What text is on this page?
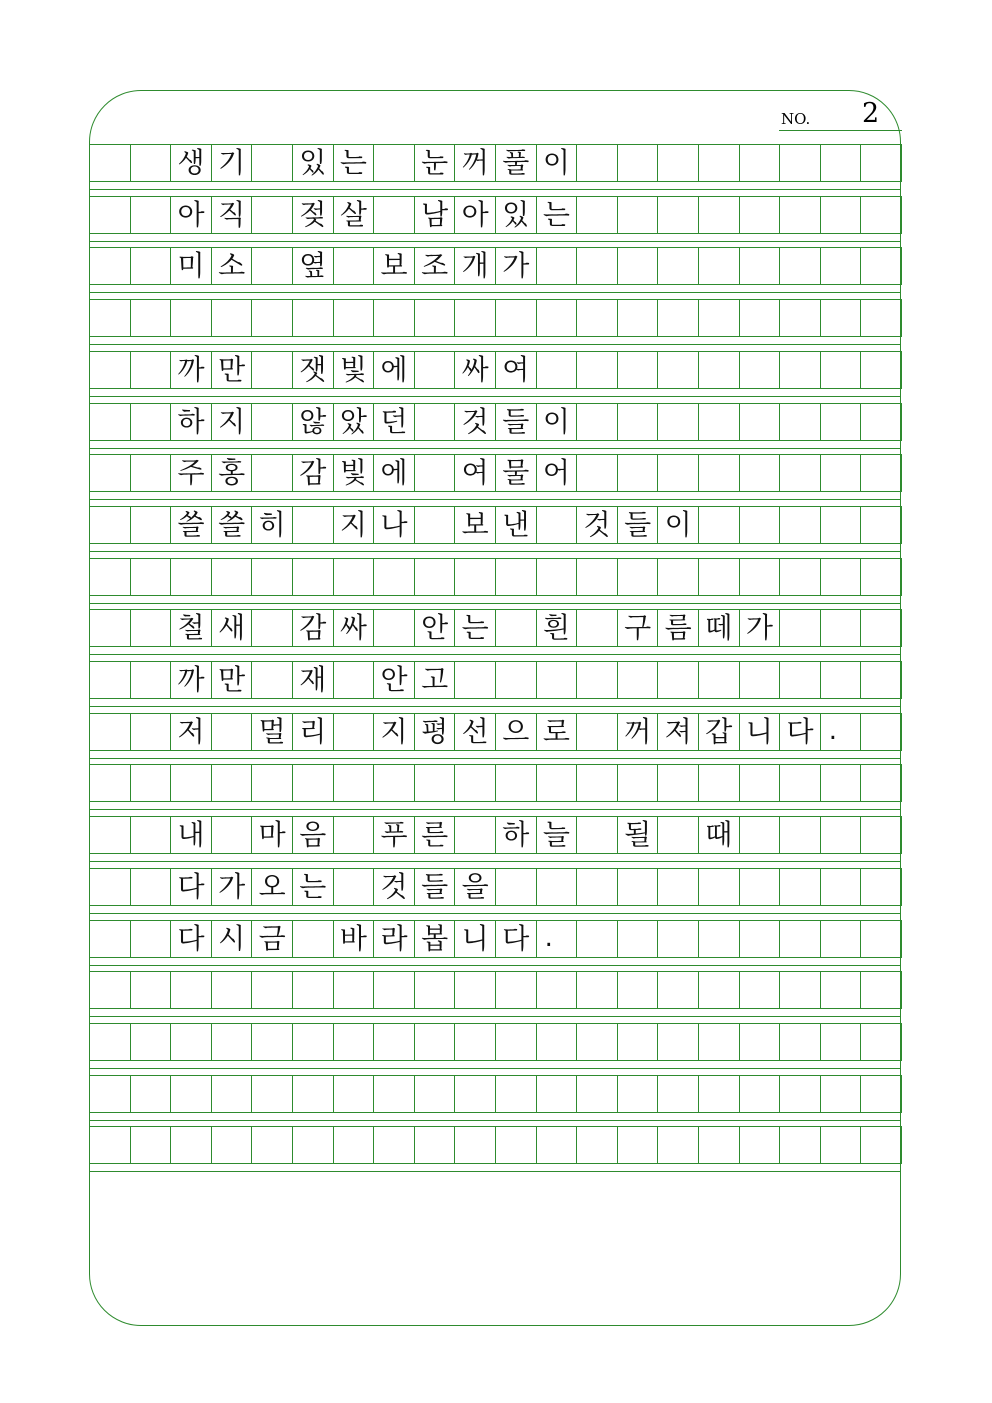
NO. 2
생 기 있 는 눈 꺼 풀 이
아 직 젖 살 남 아 있 는
미 소 옆 보 조 개 가
까 만 잿 빛 에 싸 여
하 지 않 았 던 것 들 이
주 홍 감 빛 에 여 물 어
쓸 쓸 히 지 나 보 낸 것 들 이
철 새 감 싸 안 는 흰 구 름 떼 가
까 만 재 안 고
저 멀 리 지 평 선 으 로 꺼 져 갑 니 다 .
내 마 음 푸 른 하 늘 될 때
다 가 오 는 것 들 을
다 시 금 바 라 봅 니 다 .
